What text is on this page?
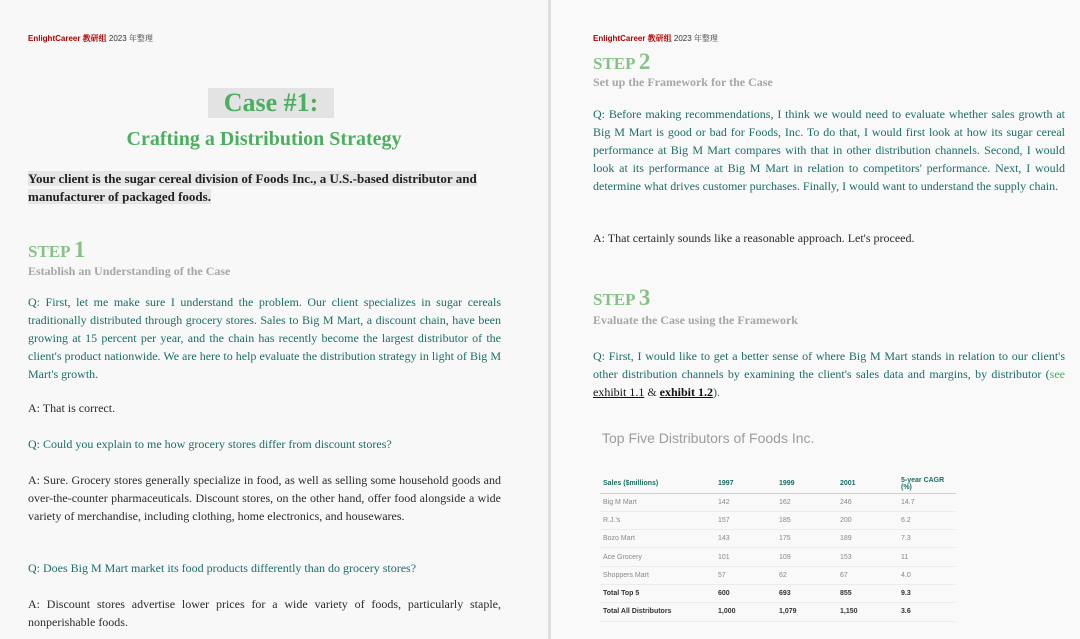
EnlightCareer 教研组 2023 年整理
Case #1:
Crafting a Distribution Strategy
Your client is the sugar cereal division of Foods Inc., a U.S.-based distributor and manufacturer of packaged foods.
STEP 1
Establish an Understanding of the Case

Q: First, let me make sure I understand the problem. Our client specializes in sugar cereals traditionally distributed through grocery stores. Sales to Big M Mart, a discount chain, have been growing at 15 percent per year, and the chain has recently become the largest distributor of the client's product nationwide. We are here to help evaluate the distribution strategy in light of Big M Mart's growth.

A: That is correct.

Q: Could you explain to me how grocery stores differ from discount stores?

A: Sure. Grocery stores generally specialize in food, as well as selling some household goods and over-the-counter pharmaceuticals. Discount stores, on the other hand, offer food alongside a wide variety of merchandise, including clothing, home electronics, and housewares.

Q: Does Big M Mart market its food products differently than do grocery stores?

A: Discount stores advertise lower prices for a wide variety of foods, particularly staple, nonperishable foods.

EnlightCareer 教研组 2023 年整理
STEP 2
Set up the Framework for the Case

Q: Before making recommendations, I think we would need to evaluate whether sales growth at Big M Mart is good or bad for Foods, Inc. To do that, I would first look at how its sugar cereal performance at Big M Mart compares with that in other distribution channels. Second, I would look at its performance at Big M Mart in relation to competitors' performance. Next, I would determine what drives customer purchases. Finally, I would want to understand the supply chain.

A: That certainly sounds like a reasonable approach. Let's proceed.

STEP 3
Evaluate the Case using the Framework

Q: First, I would like to get a better sense of where Big M Mart stands in relation to our client's other distribution channels by examining the client's sales data and margins, by distributor (see exhibit 1.1 & exhibit 1.2).

Top Five Distributors of Foods Inc.
Sales ($millions)	1997	1999	2001	5-year CAGR (%)
Big M Mart	142	162	246	14.7
R.J.'s	157	185	200	6.2
Bozo Mart	143	175	189	7.3
Ace Grocery	101	109	153	11
Shoppers Mart	57	62	67	4.0
Total Top 5	600	693	855	9.3
Total All Distributors	1,000	1,079	1,150	3.6
